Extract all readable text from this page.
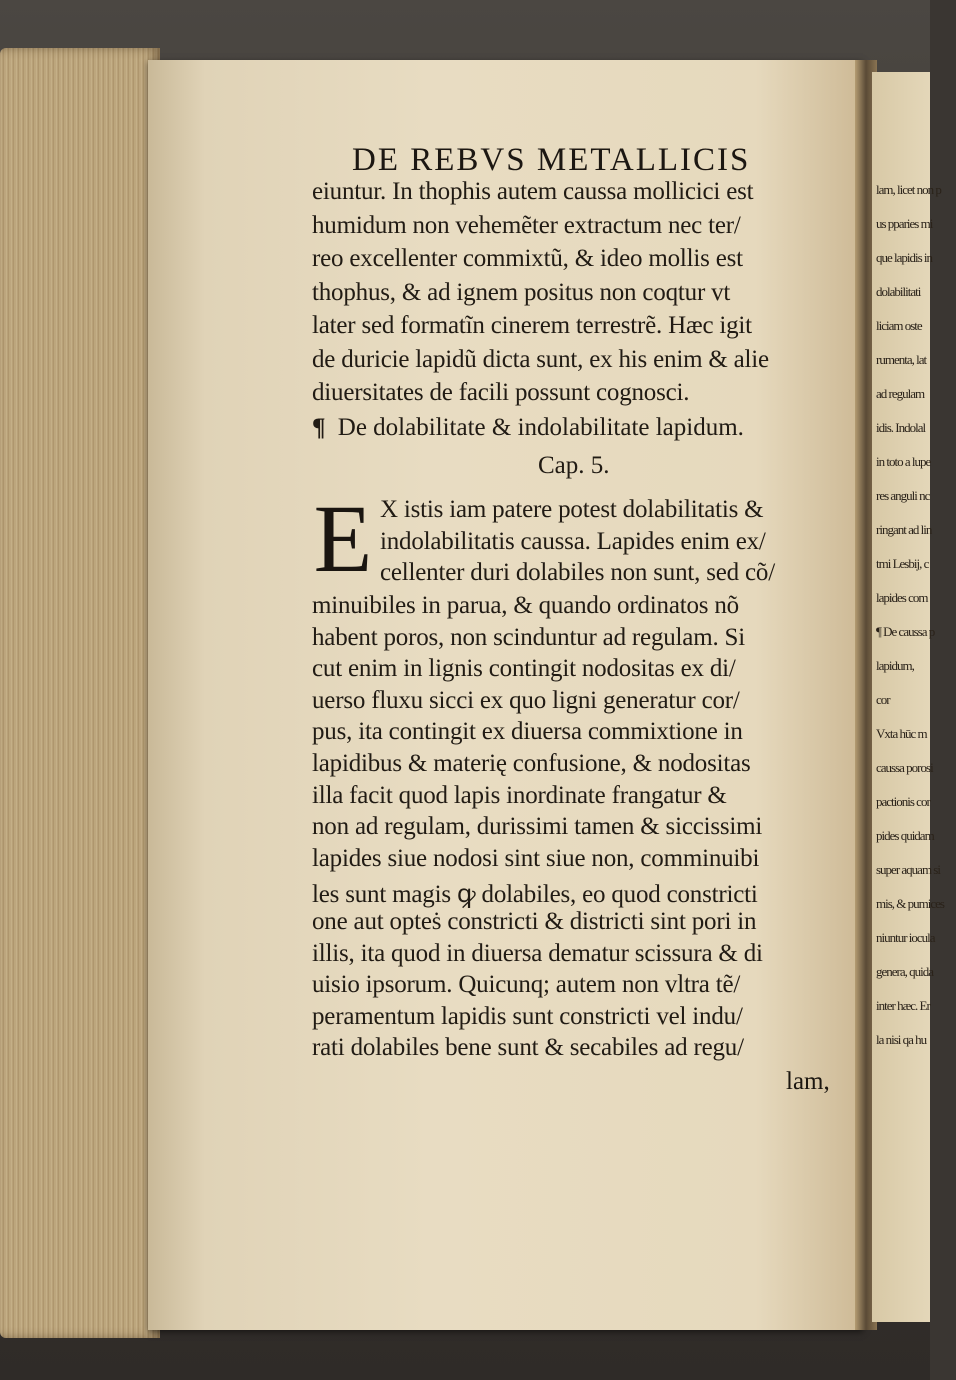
lam, licet non p
us pparies mi
que lapidis in
dolabilitati
liciam oste
rumenta, lat
ad regulam
idis. Indolal
in toto a lupe
res anguli nc
ringant ad lin
tmi Lesbij, c
lapides com
¶ De caussa p
lapidum,
cor
Vxta hūc m
caussa porosi
pactionis cor
pides quidam
super aquam si
mis, & pumices
niuntur iocula
genera, quida
inter hæc. Er
la nisi qa hu
DE REBVS METALLICIS
eiuntur. In thophis autem caussa mollicici est
humidum non vehemẽter extractum nec ter/
reo excellenter commixtũ, & ideo mollis est
thophus, & ad ignem positus non coqtur vt
later sed formatĩn cinerem terrestrẽ. Hæc igit
de duricie lapidũ dicta sunt, ex his enim & alie
diuersitates de facili possunt cognosci.
¶ De dolabilitate & indolabilitate lapidum.
Cap. 5.
E X istis iam patere potest dolabilitatis &
indolabilitatis caussa. Lapides enim ex/
cellenter duri dolabiles non sunt, sed cõ/
minuibiles in parua, & quando ordinatos nõ
habent poros, non scinduntur ad regulam. Si
cut enim in lignis contingit nodositas ex di/
uerso fluxu sicci ex quo ligni generatur cor/
pus, ita contingit ex diuersa commixtione in
lapidibus & materię confusione, & nodositas
illa facit quod lapis inordinate frangatur &
non ad regulam, durissimi tamen & siccissimi
lapides siue nodosi sint siue non, comminuibi
les sunt magis ꝙ dolabiles, eo quod constricti
one aut opteṡ constricti & districti sint pori in
illis, ita quod in diuersa dematur scissura & di
uisio ipsorum. Quicunq; autem non vltra tẽ/
peramentum lapidis sunt constricti vel indu/
rati dolabiles bene sunt & secabiles ad regu/
lam,
